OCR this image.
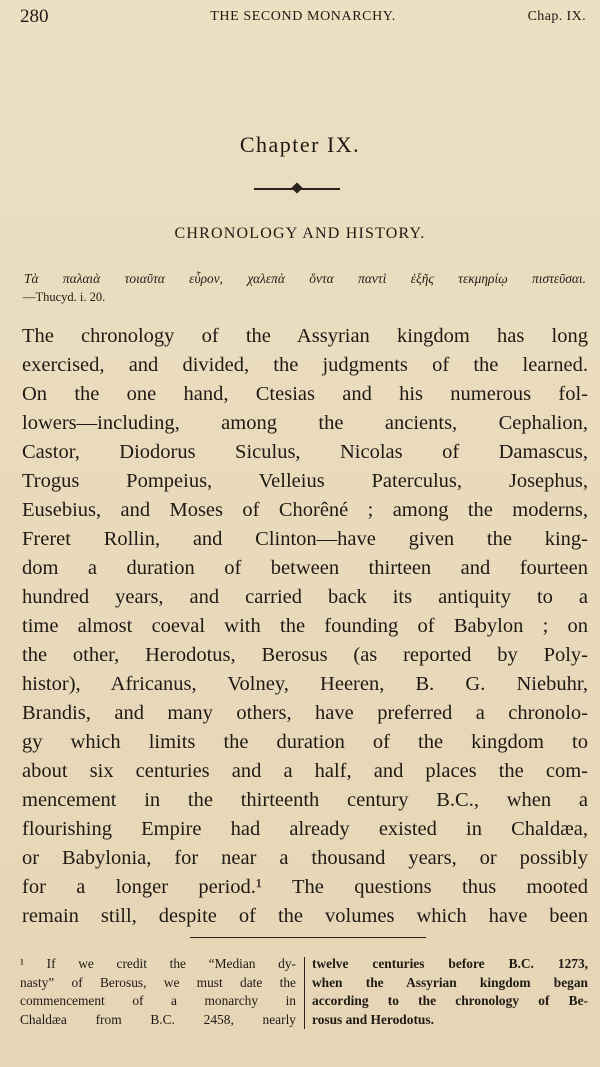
280	THE SECOND MONARCHY.	Chap. IX.
Chapter IX.
CHRONOLOGY AND HISTORY.
Τὰ παλαιὰ τοιαῦτα εὗρον, χαλεπὰ ὄντα παντὶ ἑξῆς τεκμηρίῳ πιστεῦσαι.
—Thucyd. i. 20.
The chronology of the Assyrian kingdom has long
exercised, and divided, the judgments of the learned.
On the one hand, Ctesias and his numerous fol-
lowers—including, among the ancients, Cephalion,
Castor, Diodorus Siculus, Nicolas of Damascus,
Trogus Pompeius, Velleius Paterculus, Josephus,
Eusebius, and Moses of Chorêné ; among the moderns,
Freret Rollin, and Clinton—have given the king-
dom a duration of between thirteen and fourteen
hundred years, and carried back its antiquity to a
time almost coeval with the founding of Babylon ; on
the other, Herodotus, Berosus (as reported by Poly-
histor), Africanus, Volney, Heeren, B. G. Niebuhr,
Brandis, and many others, have preferred a chronolo-
gy which limits the duration of the kingdom to
about six centuries and a half, and places the com-
mencement in the thirteenth century B.C., when a
flourishing Empire had already existed in Chaldæa,
or Babylonia, for near a thousand years, or possibly
for a longer period.¹ The questions thus mooted
remain still, despite of the volumes which have been
¹ If we credit the “Median dy-
nasty” of Berosus, we must date the
commencement of a monarchy in
Chaldæa from B.C. 2458, nearly
twelve centuries before B.C. 1273,
when the Assyrian kingdom began
according to the chronology of Be-
rosus and Herodotus.
